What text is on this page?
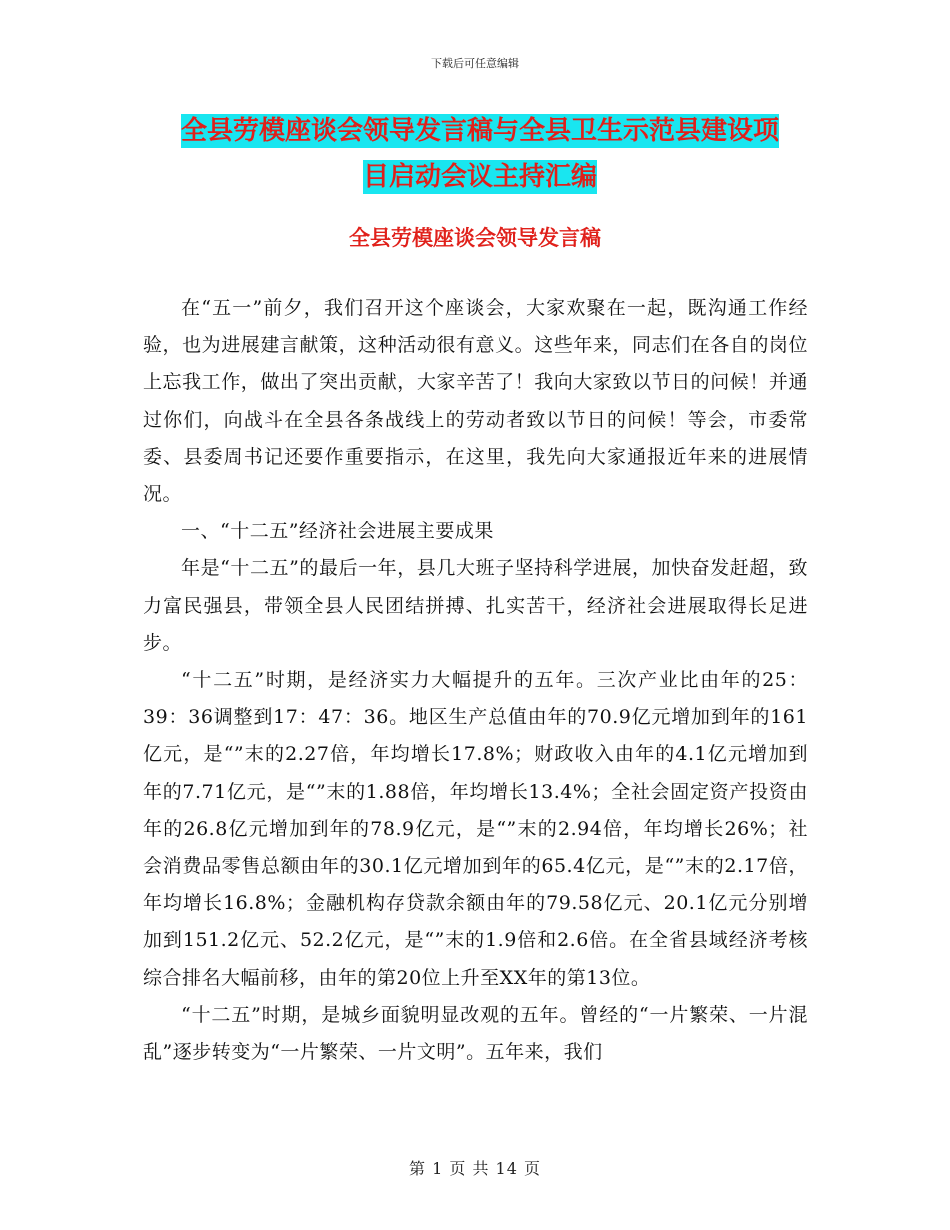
下载后可任意编辑
全县劳模座谈会领导发言稿与全县卫生示范县建设项
目启动会议主持汇编
全县劳模座谈会领导发言稿

在“五一”前夕，我们召开这个座谈会，大家欢聚在一起，既沟通工作经验，也为进展建言献策，这种活动很有意义。这些年来，同志们在各自的岗位上忘我工作，做出了突出贡献，大家辛苦了！我向大家致以节日的问候！并通过你们，向战斗在全县各条战线上的劳动者致以节日的问候！等会，市委常委、县委周书记还要作重要指示，在这里，我先向大家通报近年来的进展情况。

一、“十二五”经济社会进展主要成果

年是“十二五”的最后一年，县几大班子坚持科学进展，加快奋发赶超，致力富民强县，带领全县人民团结拼搏、扎实苦干，经济社会进展取得长足进步。

“十二五”时期，是经济实力大幅提升的五年。三次产业比由年的25：39：36调整到17：47：36。地区生产总值由年的70.9亿元增加到年的161亿元，是“”末的2.27倍，年均增长17.8%；财政收入由年的4.1亿元增加到年的7.71亿元，是“”末的1.88倍，年均增长13.4%；全社会固定资产投资由年的26.8亿元增加到年的78.9亿元，是“”末的2.94倍，年均增长26%；社会消费品零售总额由年的30.1亿元增加到年的65.4亿元，是“”末的2.17倍，年均增长16.8%；金融机构存贷款余额由年的79.58亿元、20.1亿元分别增加到151.2亿元、52.2亿元，是“”末的1.9倍和2.6倍。在全省县域经济考核综合排名大幅前移，由年的第20位上升至XX年的第13位。

“十二五”时期，是城乡面貌明显改观的五年。曾经的“一片繁荣、一片混乱”逐步转变为“一片繁荣、一片文明”。五年来，我们

第 1 页 共 14 页
